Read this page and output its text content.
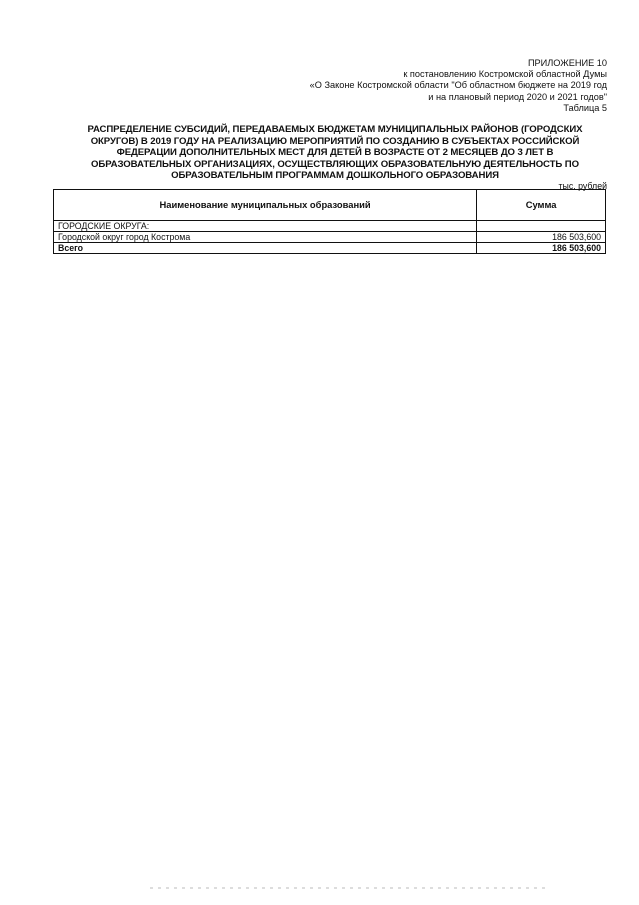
ПРИЛОЖЕНИЕ 10
к постановлению Костромской областной Думы
«О Законе Костромской области "Об областном бюджете на 2019 год
и на плановый период 2020 и 2021 годов"
Таблица 5
РАСПРЕДЕЛЕНИЕ СУБСИДИЙ, ПЕРЕДАВАЕМЫХ БЮДЖЕТАМ МУНИЦИПАЛЬНЫХ РАЙОНОВ (ГОРОДСКИХ
ОКРУГОВ) В 2019 ГОДУ НА РЕАЛИЗАЦИЮ МЕРОПРИЯТИЙ ПО СОЗДАНИЮ В СУБЪЕКТАХ РОССИЙСКОЙ
ФЕДЕРАЦИИ ДОПОЛНИТЕЛЬНЫХ МЕСТ ДЛЯ ДЕТЕЙ В ВОЗРАСТЕ ОТ 2 МЕСЯЦЕВ ДО 3 ЛЕТ В
ОБРАЗОВАТЕЛЬНЫХ ОРГАНИЗАЦИЯХ, ОСУЩЕСТВЛЯЮЩИХ ОБРАЗОВАТЕЛЬНУЮ ДЕЯТЕЛЬНОСТЬ ПО
ОБРАЗОВАТЕЛЬНЫМ ПРОГРАММАМ ДОШКОЛЬНОГО ОБРАЗОВАНИЯ
тыс. рублей
Наименование муниципальных образований	Сумма
ГОРОДСКИЕ ОКРУГА:	
Городской округ город Кострома	186 503,600
Всего	186 503,600
